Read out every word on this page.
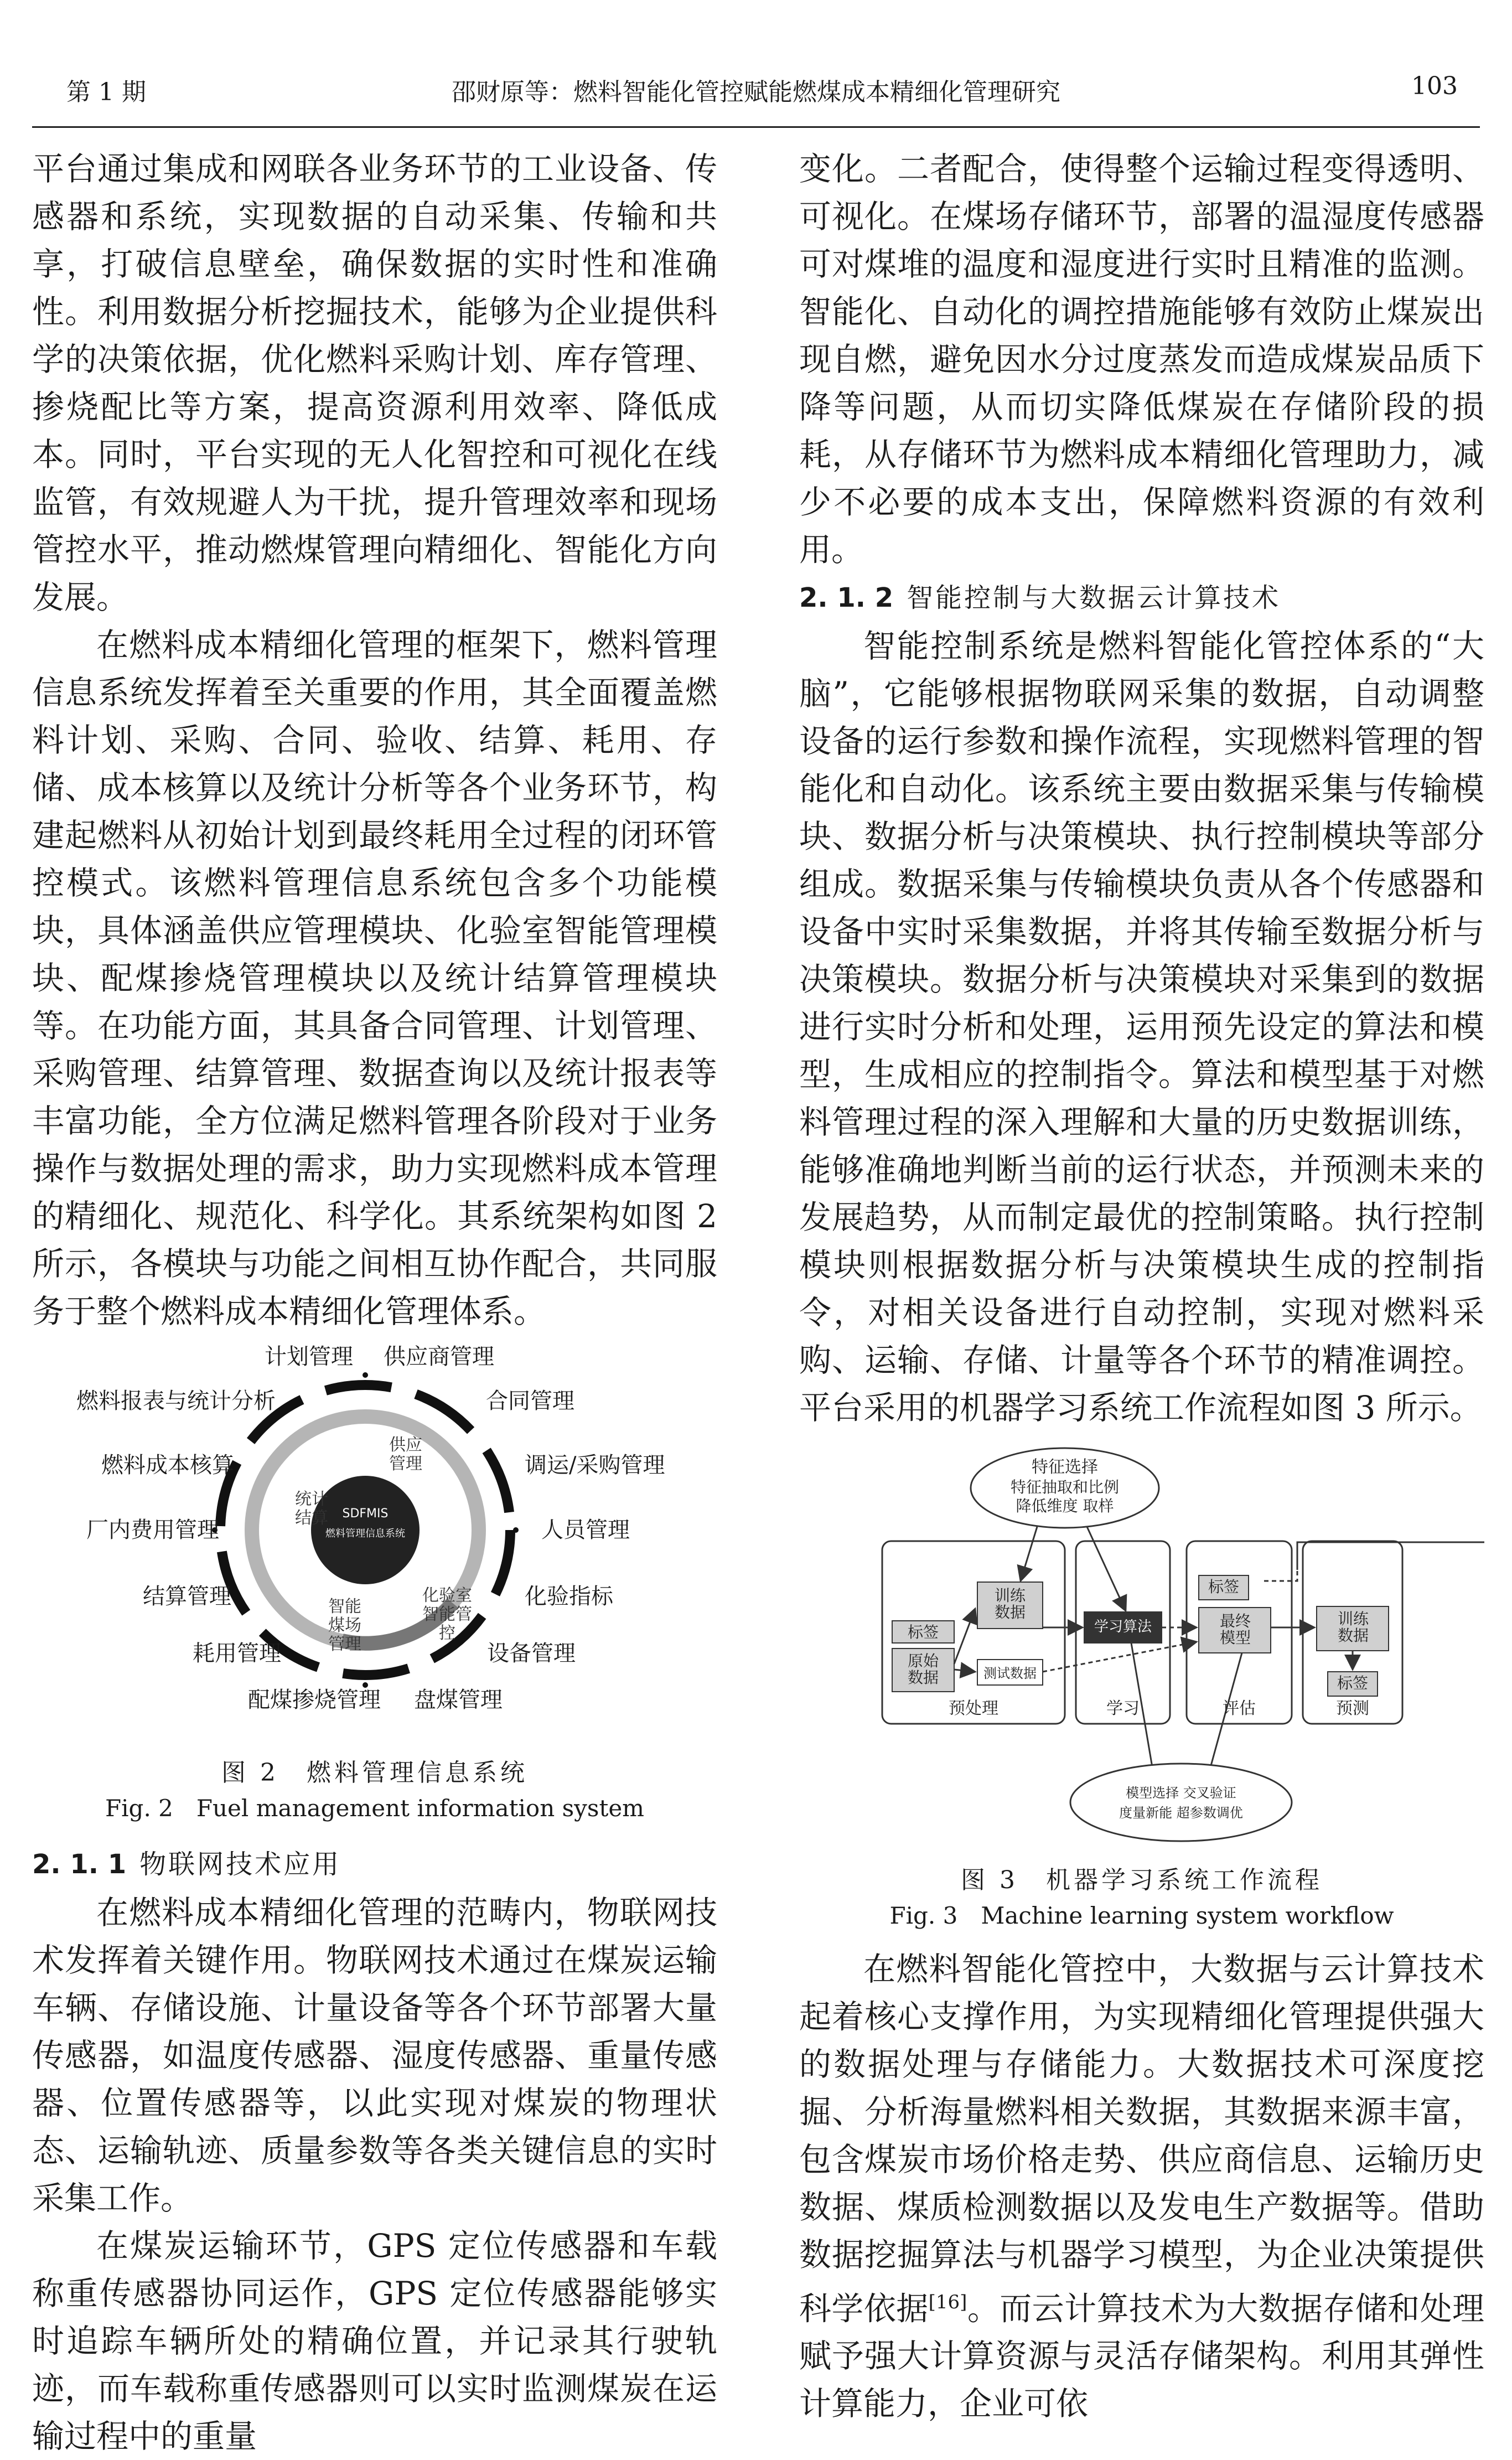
第 1 期	邵财原等：燃料智能化管控赋能燃煤成本精细化管理研究	103

平台通过集成和网联各业务环节的工业设备、传感器和系统，实现数据的自动采集、传输和共享，打破信息壁垒，确保数据的实时性和准确性。利用数据分析挖掘技术，能够为企业提供科学的决策依据，优化燃料采购计划、库存管理、掺烧配比等方案，提高资源利用效率、降低成本。同时，平台实现的无人化智控和可视化在线监管，有效规避人为干扰，提升管理效率和现场管控水平，推动燃煤管理向精细化、智能化方向发展。

在燃料成本精细化管理的框架下，燃料管理信息系统发挥着至关重要的作用，其全面覆盖燃料计划、采购、合同、验收、结算、耗用、存储、成本核算以及统计分析等各个业务环节，构建起燃料从初始计划到最终耗用全过程的闭环管控模式。该燃料管理信息系统包含多个功能模块，具体涵盖供应管理模块、化验室智能管理模块、配煤掺烧管理模块以及统计结算管理模块等。在功能方面，其具备合同管理、计划管理、采购管理、结算管理、数据查询以及统计报表等丰富功能，全方位满足燃料管理各阶段对于业务操作与数据处理的需求，助力实现燃料成本管理的精细化、规范化、科学化。其系统架构如图 2 所示，各模块与功能之间相互协作配合，共同服务于整个燃料成本精细化管理体系。

SDFMIS
燃料管理信息系统
供应管理
化验室智能管控
智能煤场管理
统计结算
计划管理 供应商管理
合同管理
调运/采购管理
人员管理
化验指标
设备管理
盘煤管理
配煤掺烧管理
耗用管理
结算管理
厂内费用管理
燃料成本核算
燃料报表与统计分析
图 2　燃料管理信息系统
Fig. 2　Fuel management information system
2. 1. 1 物联网技术应用

在燃料成本精细化管理的范畴内，物联网技术发挥着关键作用。物联网技术通过在煤炭运输车辆、存储设施、计量设备等各个环节部署大量传感器，如温度传感器、湿度传感器、重量传感器、位置传感器等，以此实现对煤炭的物理状态、运输轨迹、质量参数等各类关键信息的实时采集工作。

在煤炭运输环节，GPS 定位传感器和车载称重传感器协同运作，GPS 定位传感器能够实时追踪车辆所处的精确位置，并记录其行驶轨迹，而车载称重传感器则可以实时监测煤炭在运输过程中的重量

变化。二者配合，使得整个运输过程变得透明、可视化。在煤场存储环节，部署的温湿度传感器可对煤堆的温度和湿度进行实时且精准的监测。智能化、自动化的调控措施能够有效防止煤炭出现自燃，避免因水分过度蒸发而造成煤炭品质下降等问题，从而切实降低煤炭在存储阶段的损耗，从存储环节为燃料成本精细化管理助力，减少不必要的成本支出，保障燃料资源的有效利用。

2. 1. 2 智能控制与大数据云计算技术

智能控制系统是燃料智能化管控体系的“大脑”，它能够根据物联网采集的数据，自动调整设备的运行参数和操作流程，实现燃料管理的智能化和自动化。该系统主要由数据采集与传输模块、数据分析与决策模块、执行控制模块等部分组成。数据采集与传输模块负责从各个传感器和设备中实时采集数据，并将其传输至数据分析与决策模块。数据分析与决策模块对采集到的数据进行实时分析和处理，运用预先设定的算法和模型，生成相应的控制指令。算法和模型基于对燃料管理过程的深入理解和大量的历史数据训练，能够准确地判断当前的运行状态，并预测未来的发展趋势，从而制定最优的控制策略。执行控制模块则根据数据分析与决策模块生成的控制指令，对相关设备进行自动控制，实现对燃料采购、运输、存储、计量等各个环节的精准调控。平台采用的机器学习系统工作流程如图 3 所示。

特征选择
特征抽取和比例
降低维度 取样
标签
原始数据
训练数据
测试数据
学习算法
标签
最终模型
训练数据
标签
预处理	学习	评估	预测
模型选择 交叉验证
度量新能 超参数调优
图 3　机器学习系统工作流程
Fig. 3　Machine learning system workflow

在燃料智能化管控中，大数据与云计算技术起着核心支撑作用，为实现精细化管理提供强大的数据处理与存储能力。大数据技术可深度挖掘、分析海量燃料相关数据，其数据来源丰富，包含煤炭市场价格走势、供应商信息、运输历史数据、煤质检测数据以及发电生产数据等。借助数据挖掘算法与机器学习模型，为企业决策提供科学依据[16]。而云计算技术为大数据存储和处理赋予强大计算资源与灵活存储架构。利用其弹性计算能力，企业可依
